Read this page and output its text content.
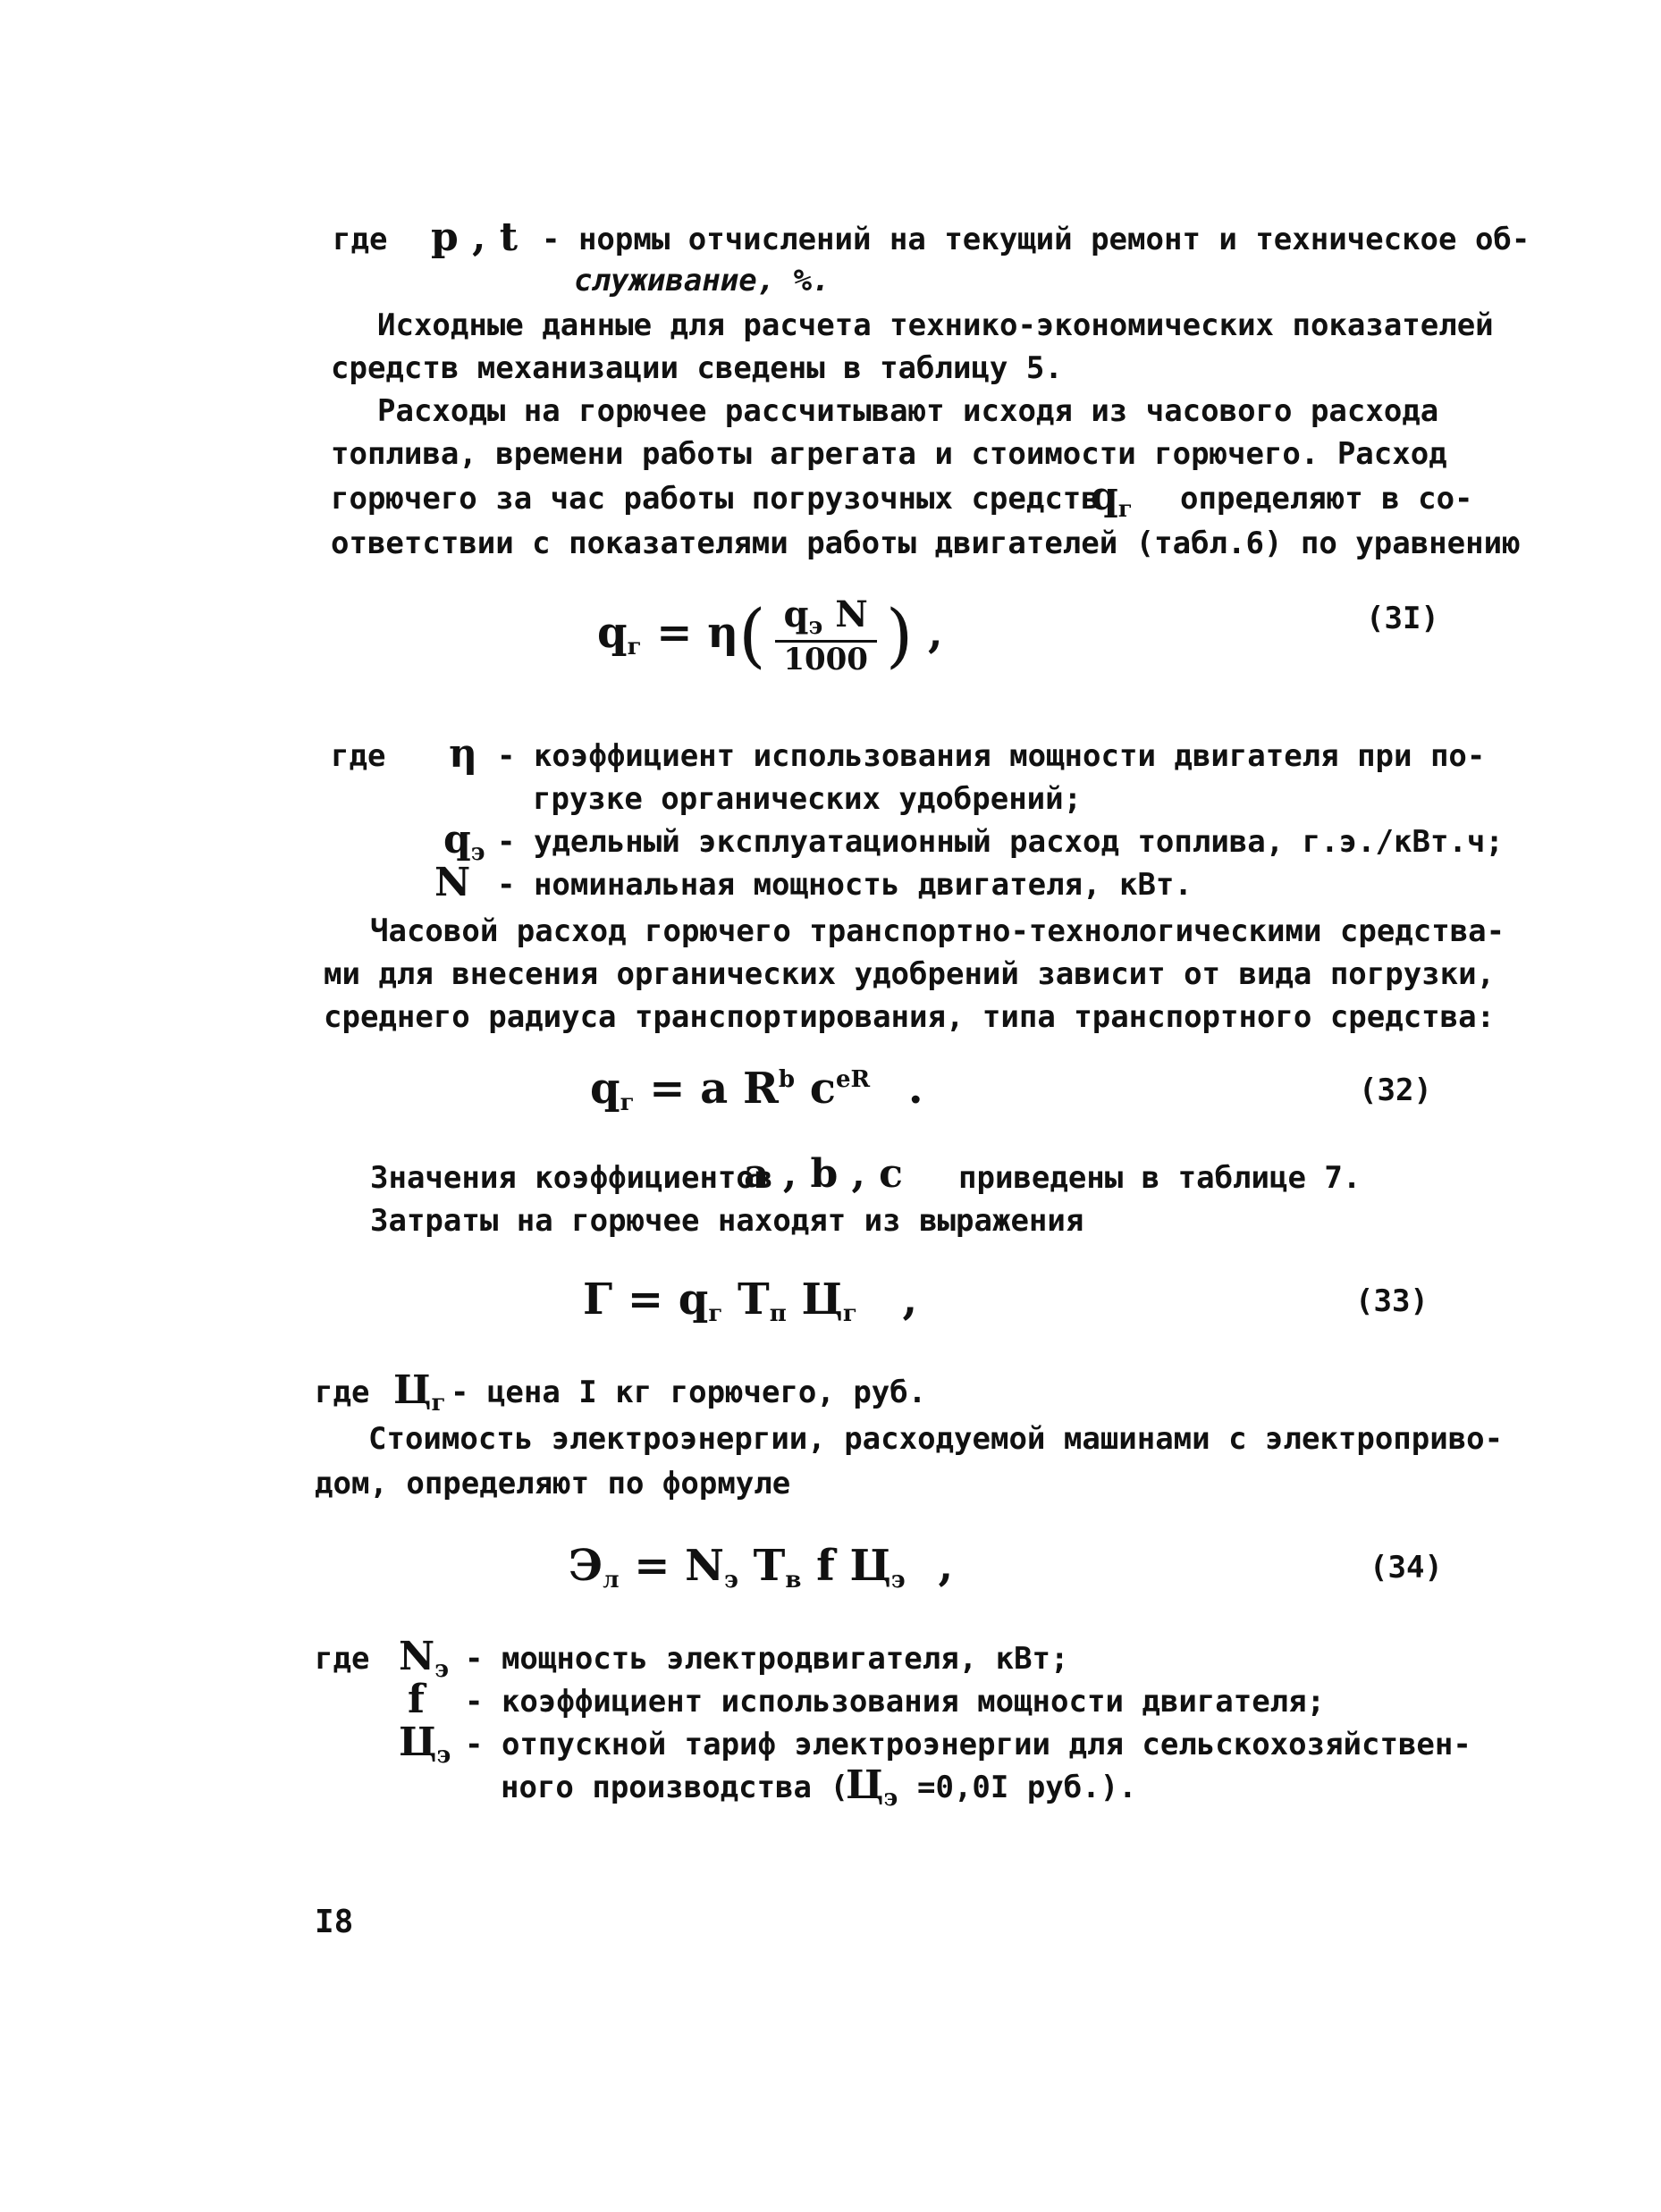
где p , t - нормы отчислений на текущий ремонт и техническое об-
служивание, %.
Исходные данные для расчета технико-экономических показателей
средств механизации сведены в таблицу 5.
Расходы на горючее рассчитывают исходя из часового расхода
топлива, времени работы агрегата и стоимости горючего. Расход
горючего за час работы погрузочных средств
$q_г$ определяют в со-
ответствии с показателями работы двигателей (табл.6) по уравнению
$q_г = \eta( \frac{q_э N}{1000}$ ) ,	(3I)
где η - коэффициент использования мощности двигателя при по-
грузке органических удобрений;
$q_э$ - удельный эксплуатационный расход топлива, г.э./кВт.ч;
N - номинальная мощность двигателя, кВт.
Часовой расход горючего транспортно-технологическими средства-
ми для внесения органических удобрений зависит от вида погрузки,
среднего радиуса транспортирования, типа транспортного средства:
$q_г = a$ $R^b$ $c^{eR}$ .	(32)
Значения коэффициентов
a , b , c приведены в таблице 7.
Затраты на горючее находят из выражения
$Г = q_г$ $T_п$ $Ц_г$ ,	(33)
где $Ц_г$ - цена I кг горючего, руб.
Стоимость электроэнергии, расходуемой машинами с электроприво-
дом, определяют по формуле
$Э_л = N_э$ $T_в$ f $Ц_э$ ,	(34)
где $N_э$ - мощность электродвигателя, кВт;
f - коэффициент использования мощности двигателя;
$Ц_э$ - отпускной тариф электроэнергии для сельскохозяйствен-
ного производства (
$Ц_э =0,0I$ руб.).
I8
